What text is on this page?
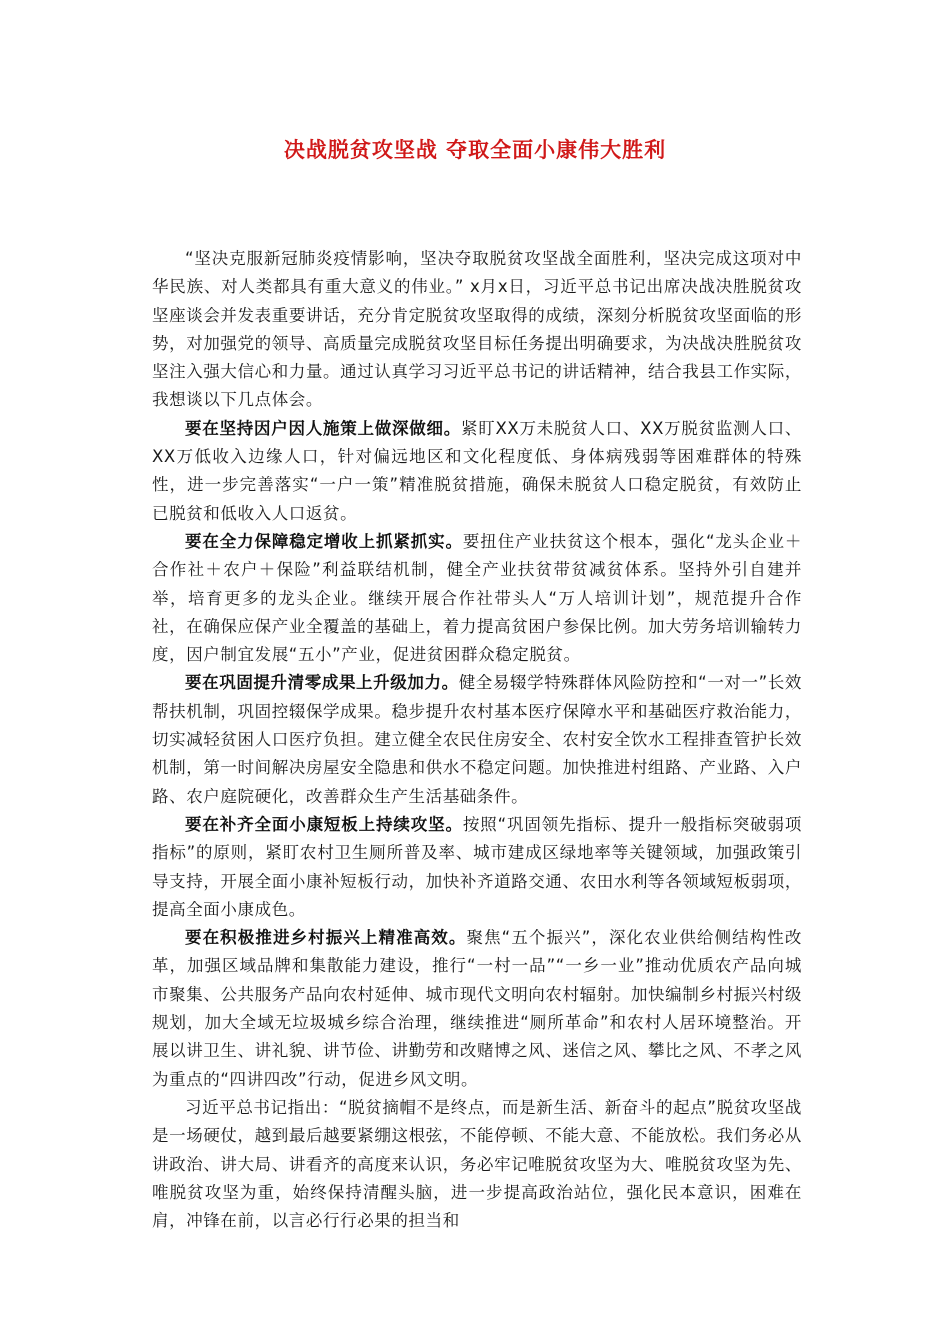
决战脱贫攻坚战 夺取全面小康伟大胜利

“坚决克服新冠肺炎疫情影响，坚决夺取脱贫攻坚战全面胜利，坚决完成这项对中华民族、对人类都具有重大意义的伟业。” x月x日，习近平总书记出席决战决胜脱贫攻坚座谈会并发表重要讲话，充分肯定脱贫攻坚取得的成绩，深刻分析脱贫攻坚面临的形势，对加强党的领导、高质量完成脱贫攻坚目标任务提出明确要求，为决战决胜脱贫攻坚注入强大信心和力量。通过认真学习习近平总书记的讲话精神，结合我县工作实际，我想谈以下几点体会。

要在坚持因户因人施策上做深做细。紧盯XX万未脱贫人口、XX万脱贫监测人口、XX万低收入边缘人口，针对偏远地区和文化程度低、身体病残弱等困难群体的特殊性，进一步完善落实“一户一策”精准脱贫措施，确保未脱贫人口稳定脱贫，有效防止已脱贫和低收入人口返贫。

要在全力保障稳定增收上抓紧抓实。要扭住产业扶贫这个根本，强化“龙头企业＋合作社＋农户＋保险”利益联结机制，健全产业扶贫带贫减贫体系。坚持外引自建并举，培育更多的龙头企业。继续开展合作社带头人“万人培训计划”，规范提升合作社，在确保应保产业全覆盖的基础上，着力提高贫困户参保比例。加大劳务培训输转力度，因户制宜发展“五小”产业，促进贫困群众稳定脱贫。

要在巩固提升清零成果上升级加力。健全易辍学特殊群体风险防控和“一对一”长效帮扶机制，巩固控辍保学成果。稳步提升农村基本医疗保障水平和基础医疗救治能力，切实减轻贫困人口医疗负担。建立健全农民住房安全、农村安全饮水工程排查管护长效机制，第一时间解决房屋安全隐患和供水不稳定问题。加快推进村组路、产业路、入户路、农户庭院硬化，改善群众生产生活基础条件。

要在补齐全面小康短板上持续攻坚。按照“巩固领先指标、提升一般指标突破弱项指标”的原则，紧盯农村卫生厕所普及率、城市建成区绿地率等关键领域，加强政策引导支持，开展全面小康补短板行动，加快补齐道路交通、农田水利等各领域短板弱项，提高全面小康成色。

要在积极推进乡村振兴上精准高效。聚焦“五个振兴”，深化农业供给侧结构性改革，加强区域品牌和集散能力建设，推行“一村一品”“一乡一业”推动优质农产品向城市聚集、公共服务产品向农村延伸、城市现代文明向农村辐射。加快编制乡村振兴村级规划，加大全域无垃圾城乡综合治理，继续推进“厕所革命”和农村人居环境整治。开展以讲卫生、讲礼貌、讲节俭、讲勤劳和改赌博之风、迷信之风、攀比之风、不孝之风为重点的“四讲四改”行动，促进乡风文明。

习近平总书记指出：“脱贫摘帽不是终点，而是新生活、新奋斗的起点”脱贫攻坚战是一场硬仗，越到最后越要紧绷这根弦，不能停顿、不能大意、不能放松。我们务必从讲政治、讲大局、讲看齐的高度来认识，务必牢记唯脱贫攻坚为大、唯脱贫攻坚为先、唯脱贫攻坚为重，始终保持清醒头脑，进一步提高政治站位，强化民本意识，困难在肩，冲锋在前，以言必行行必果的担当和
